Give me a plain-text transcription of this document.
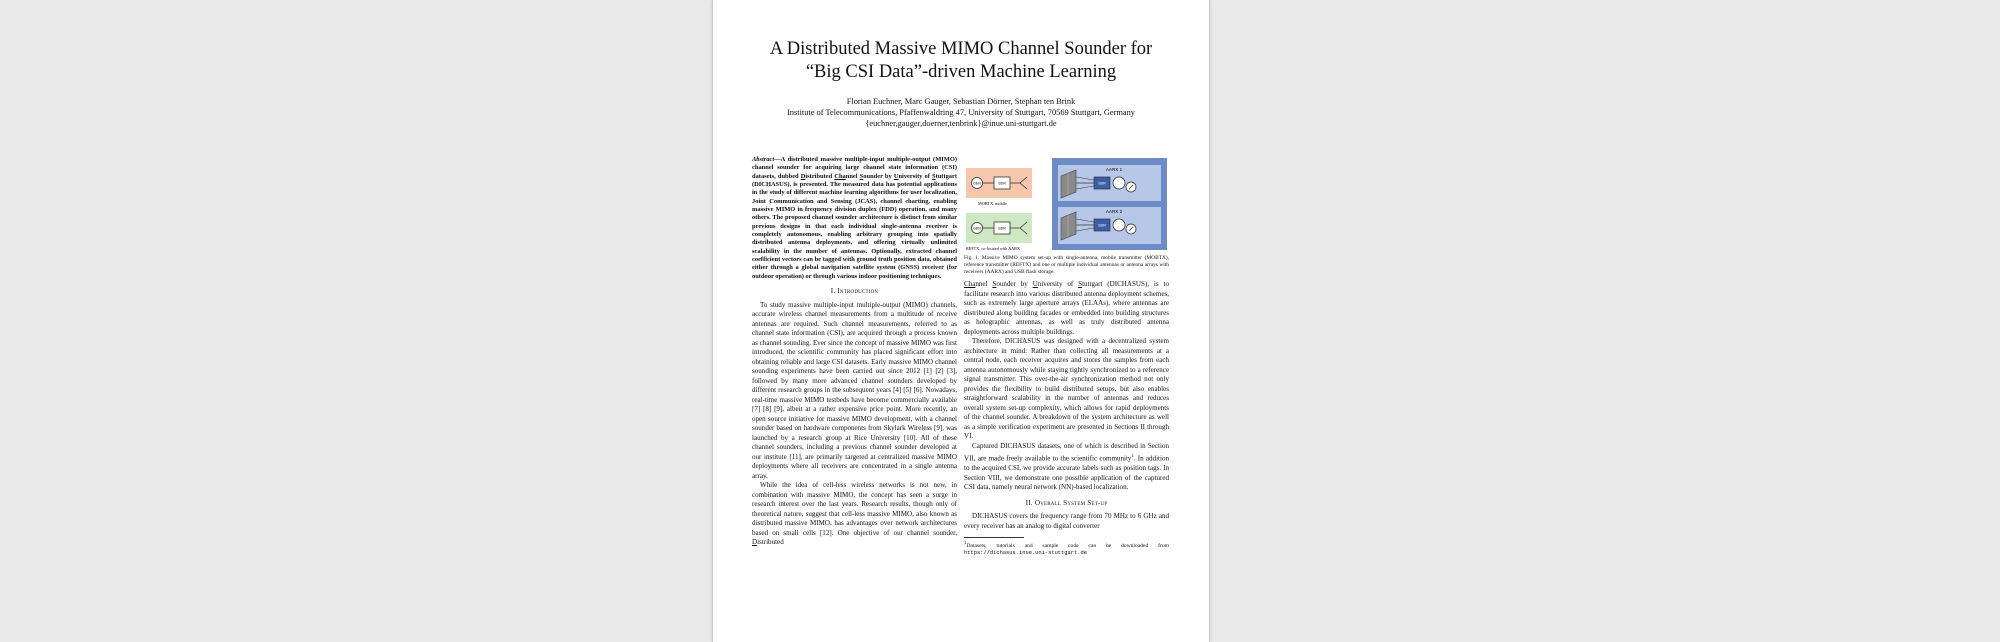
A Distributed Massive MIMO Channel Sounder for
“Big CSI Data”-driven Machine Learning
Florian Euchner, Marc Gauger, Sebastian Dörner, Stephan ten Brink
Institute of Telecommunications, Pfaffenwaldring 47, University of Stuttgart, 70569 Stuttgart, Germany
{euchner,gauger,doerner,tenbrink}@inue.uni-stuttgart.de
Abstract—A distributed massive multiple-input multiple-output (MIMO) channel sounder for acquiring large channel state information (CSI) datasets, dubbed Distributed Channel Sounder by University of Stuttgart (DICHASUS), is presented. The measured data has potential applications in the study of different machine learning algorithms for user localization, Joint Communication and Sensing (JCAS), channel charting, enabling massive MIMO in frequency division duplex (FDD) operation, and many others. The proposed channel sounder architecture is distinct from similar previous designs in that each individual single-antenna receiver is completely autonomous, enabling arbitrary grouping into spatially distributed antenna deployments, and offering virtually unlimited scalability in the number of antennas. Optionally, extracted channel coefficient vectors can be tagged with ground truth position data, obtained either through a global navigation satellite system (GNSS) receiver (for outdoor operation) or through various indoor positioning techniques.
I. Introduction

To study massive multiple-input multiple-output (MIMO) channels, accurate wireless channel measurements from a multitude of receive antennas are required. Such channel measurements, referred to as channel state information (CSI), are acquired through a process known as channel sounding. Ever since the concept of massive MIMO was first introduced, the scientific community has placed significant effort into obtaining reliable and large CSI datasets. Early massive MIMO channel sounding experiments have been carried out since 2012 [1] [2] [3], followed by many more advanced channel sounders developed by different research groups in the subsequent years [4] [5] [6]. Nowadays, real-time massive MIMO testbeds have become commercially available [7] [8] [9], albeit at a rather expensive price point. More recently, an open source initiative for massive MIMO development, with a channel sounder based on hardware components from Skylark Wireless [9], was launched by a research group at Rice University [10]. All of these channel sounders, including a previous channel sounder developed at our institute [11], are primarily targeted at centralized massive MIMO deployments where all receivers are concentrated in a single antenna array.

While the idea of cell-less wireless networks is not new, in combination with massive MIMO, the concept has seen a surge in research interest over the last years. Research results, though only of theoretical nature, suggest that cell-less massive MIMO, also known as distributed massive MIMO, has advantages over network architectures based on small cells [12]. One objective of our channel sounder, Distributed

GEN	SDR
MOBTX, mobile
GEN	SDR
REFTX, co-located with AARX
AARX 1
SDR
AARX 2
SDR
Fig. 1. Massive MIMO system set-up with single-antenna, mobile transmitter (MOBTX), reference transmitter (REFTX) and one or multiple individual antennas or antenna arrays with receivers (AARX) and USB flash storage.

Channel Sounder by University of Stuttgart (DICHASUS), is to facilitate research into various distributed antenna deployment schemes, such as extremely large aperture arrays (ELAAs), where antennas are distributed along building facades or embedded into building structures as holographic antennas, as well as truly distributed antenna deployments across multiple buildings.

Therefore, DICHASUS was designed with a decentralized system architecture in mind: Rather than collecting all measurements at a central node, each receiver acquires and stores the samples from each antenna autonomously while staying tightly synchronized to a reference signal transmitter. This over-the-air synchronization method not only provides the flexibility to build distributed setups, but also enables straightforward scalability in the number of antennas and reduces overall system set-up complexity, which allows for rapid deployments of the channel sounder. A breakdown of the system architecture as well as a simple verification experiment are presented in Sections II through VI.

Captured DICHASUS datasets, one of which is described in Section VII, are made freely available to the scientific community$^1$. In addition to the acquired CSI, we provide accurate labels such as position tags. In Section VIII, we demonstrate one possible application of the captured CSI data, namely neural network (NN)-based localization.

II. Overall System Set-up

DICHASUS covers the frequency range from 70 MHz to 6 GHz and every receiver has an analog to digital converter

$^1$Datasets, tutorials and sample code can be downloaded from https://dichasus.inue.uni-stuttgart.de
